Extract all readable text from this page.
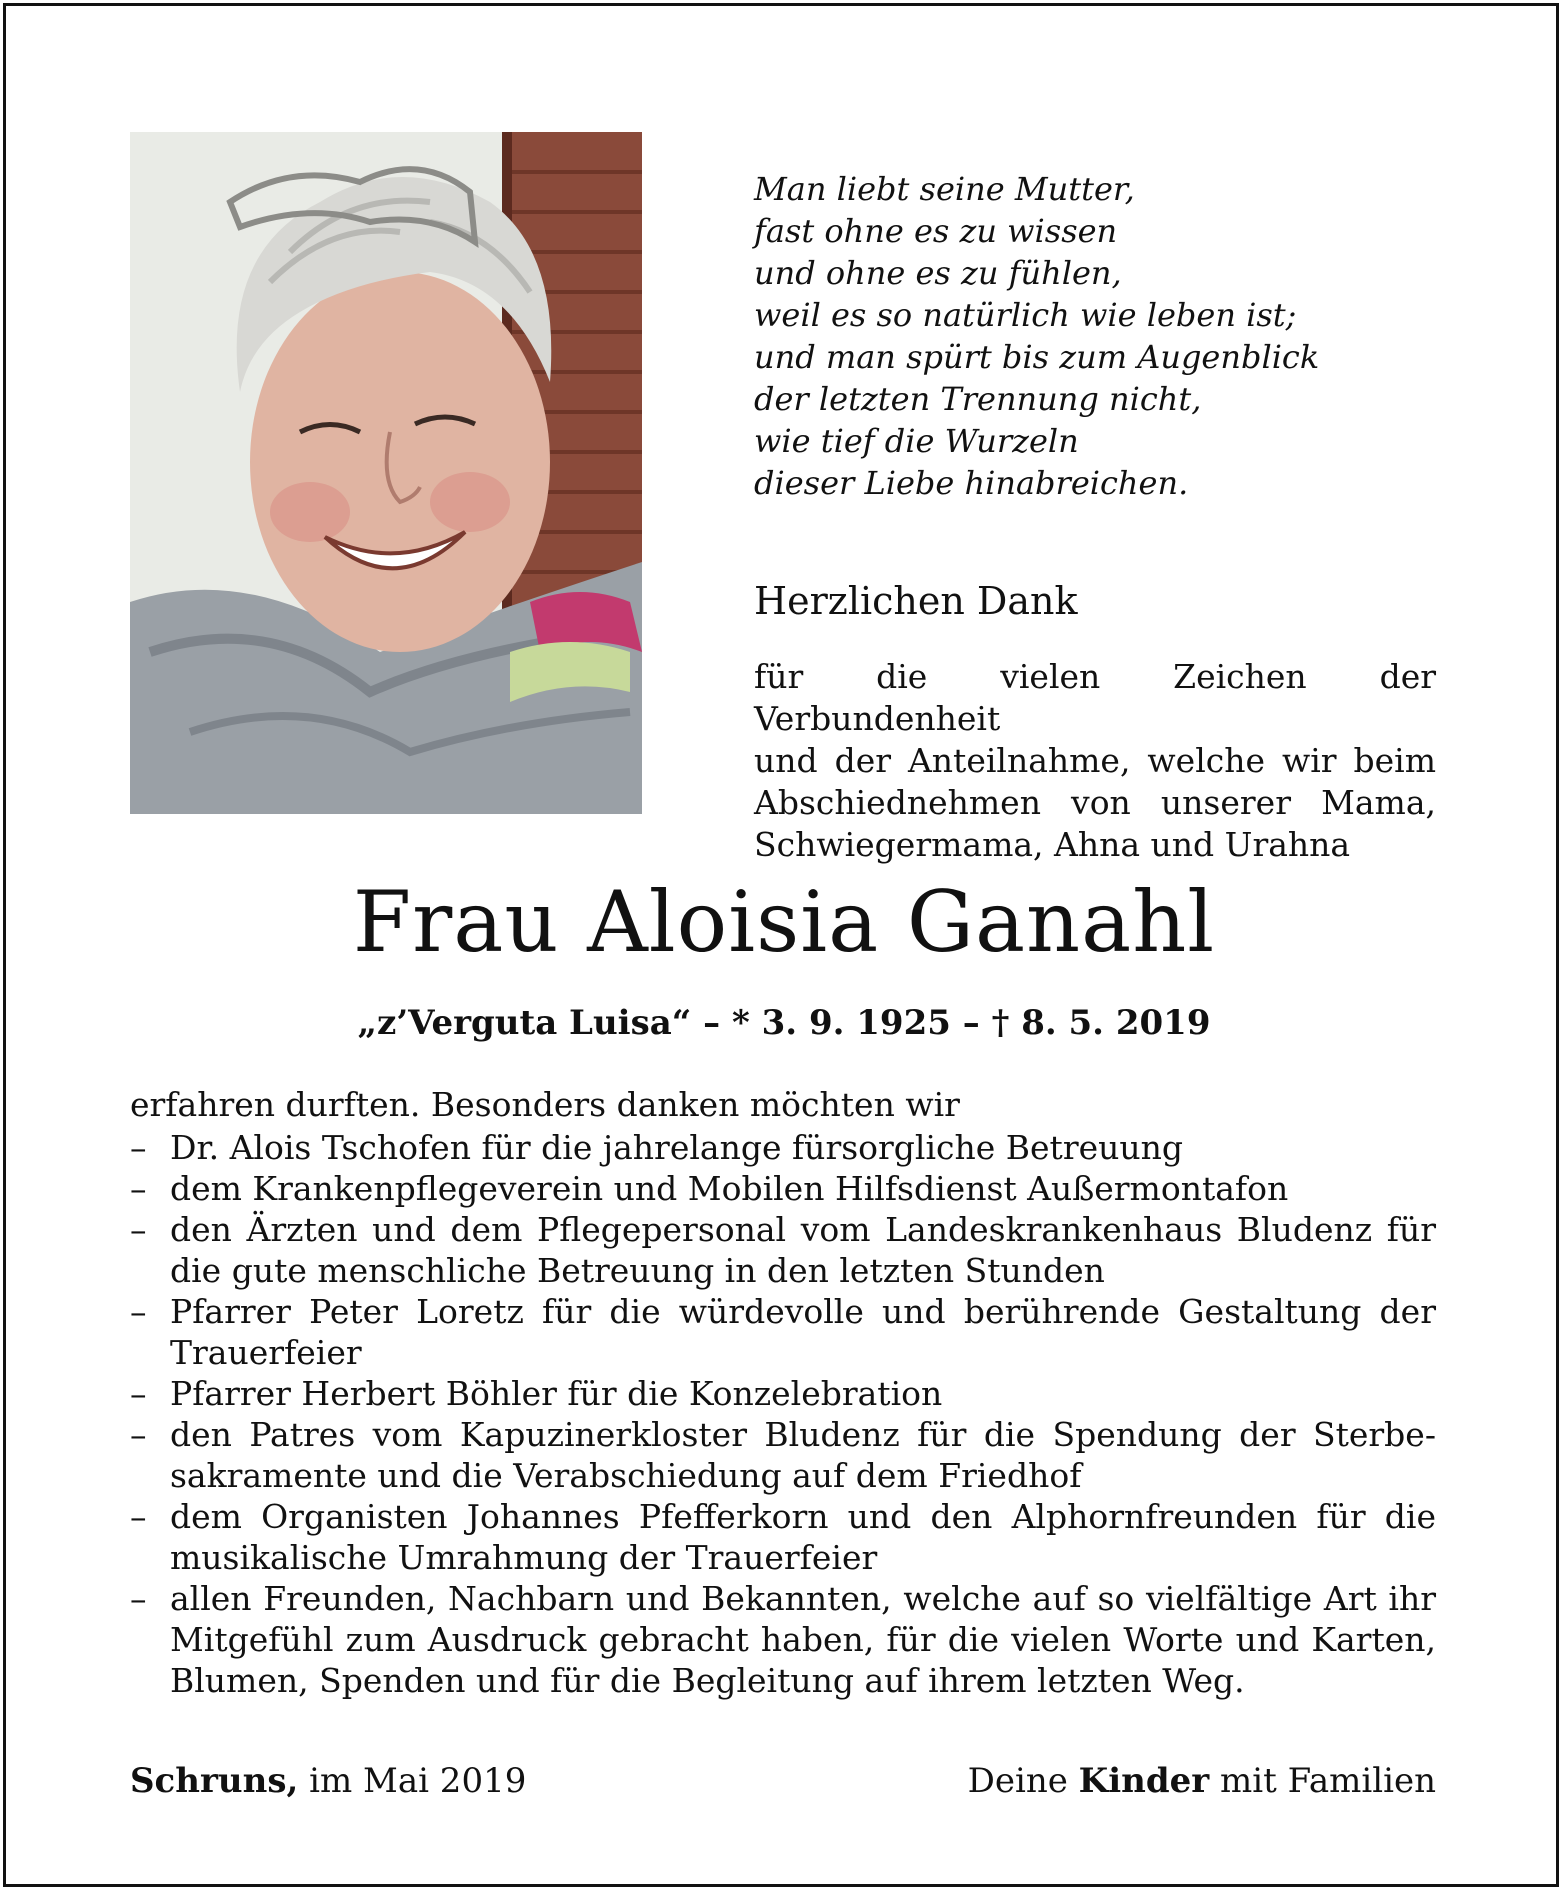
Man liebt seine Mutter,
fast ohne es zu wissen
und ohne es zu fühlen,
weil es so natürlich wie leben ist;
und man spürt bis zum Augenblick
der letzten Trennung nicht,
wie tief die Wurzeln
dieser Liebe hinabreichen.
Herzlichen Dank
für die vielen Zeichen der Verbundenheit
und der Anteilnahme, welche wir beim
Abschiednehmen von unserer Mama,
Schwiegermama, Ahna und Urahna
Frau Aloisia Ganahl
„z’Verguta Luisa“ – * 3. 9. 1925 – † 8. 5. 2019
erfahren durften. Besonders danken möchten wir
– Dr. Alois Tschofen für die jahrelange fürsorgliche Betreuung
– dem Krankenpflegeverein und Mobilen Hilfsdienst Außermontafon
– den Ärzten und dem Pflegepersonal vom Landeskrankenhaus Bludenz für die gute menschliche Betreuung in den letzten Stunden
– Pfarrer Peter Loretz für die würdevolle und berührende Gestaltung der Trauerfeier
– Pfarrer Herbert Böhler für die Konzelebration
– den Patres vom Kapuzinerkloster Bludenz für die Spendung der Sterbesakramente und die Verabschiedung auf dem Friedhof
– dem Organisten Johannes Pfefferkorn und den Alphornfreunden für die musikalische Umrahmung der Trauerfeier
– allen Freunden, Nachbarn und Bekannten, welche auf so vielfältige Art ihr Mitgefühl zum Ausdruck gebracht haben, für die vielen Worte und Karten, Blumen, Spenden und für die Begleitung auf ihrem letzten Weg.
Schruns, im Mai 2019	Deine Kinder mit Familien
